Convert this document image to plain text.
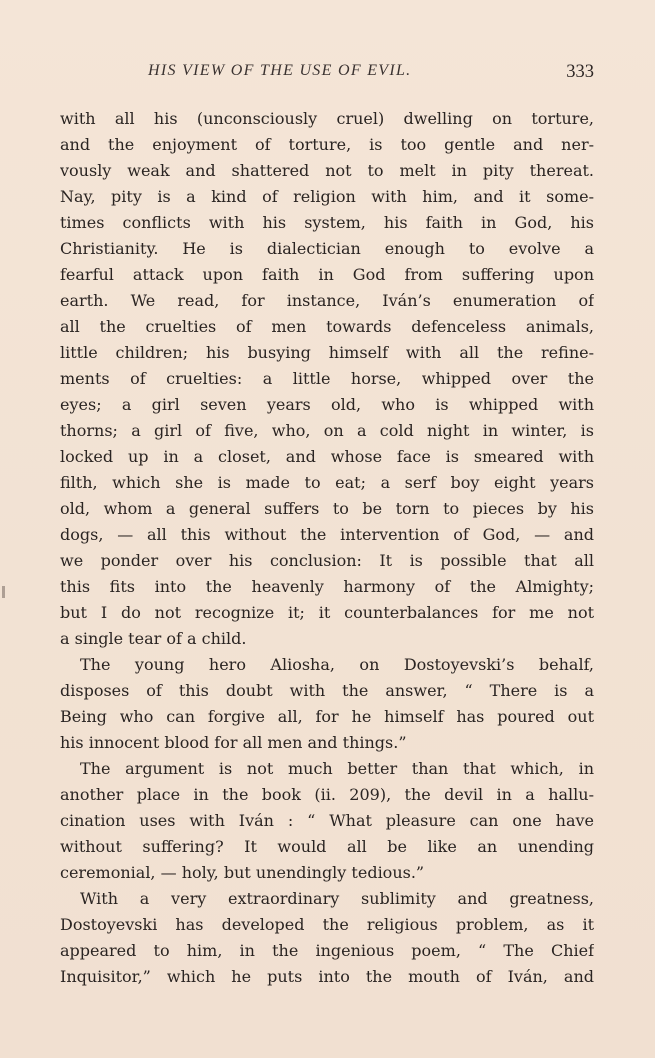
HIS VIEW OF THE USE OF EVIL.	333
with all his (unconsciously cruel) dwelling on torture,
and the enjoyment of torture, is too gentle and ner-
vously weak and shattered not to melt in pity thereat.
Nay, pity is a kind of religion with him, and it some-
times conflicts with his system, his faith in God, his
Christianity. He is dialectician enough to evolve a
fearful attack upon faith in God from suffering upon
earth. We read, for instance, Iván’s enumeration of
all the cruelties of men towards defenceless animals,
little children; his busying himself with all the refine-
ments of cruelties: a little horse, whipped over the
eyes; a girl seven years old, who is whipped with
thorns; a girl of five, who, on a cold night in winter, is
locked up in a closet, and whose face is smeared with
filth, which she is made to eat; a serf boy eight years
old, whom a general suffers to be torn to pieces by his
dogs, — all this without the intervention of God, — and
we ponder over his conclusion: It is possible that all
this fits into the heavenly harmony of the Almighty;
but I do not recognize it; it counterbalances for me not
a single tear of a child.
The young hero Aliosha, on Dostoyevski’s behalf,
disposes of this doubt with the answer, “ There is a
Being who can forgive all, for he himself has poured out
his innocent blood for all men and things.”
The argument is not much better than that which, in
another place in the book (ii. 209), the devil in a hallu-
cination uses with Iván : “ What pleasure can one have
without suffering? It would all be like an unending
ceremonial, — holy, but unendingly tedious.”
With a very extraordinary sublimity and greatness,
Dostoyevski has developed the religious problem, as it
appeared to him, in the ingenious poem, “ The Chief
Inquisitor,” which he puts into the mouth of Iván, and
